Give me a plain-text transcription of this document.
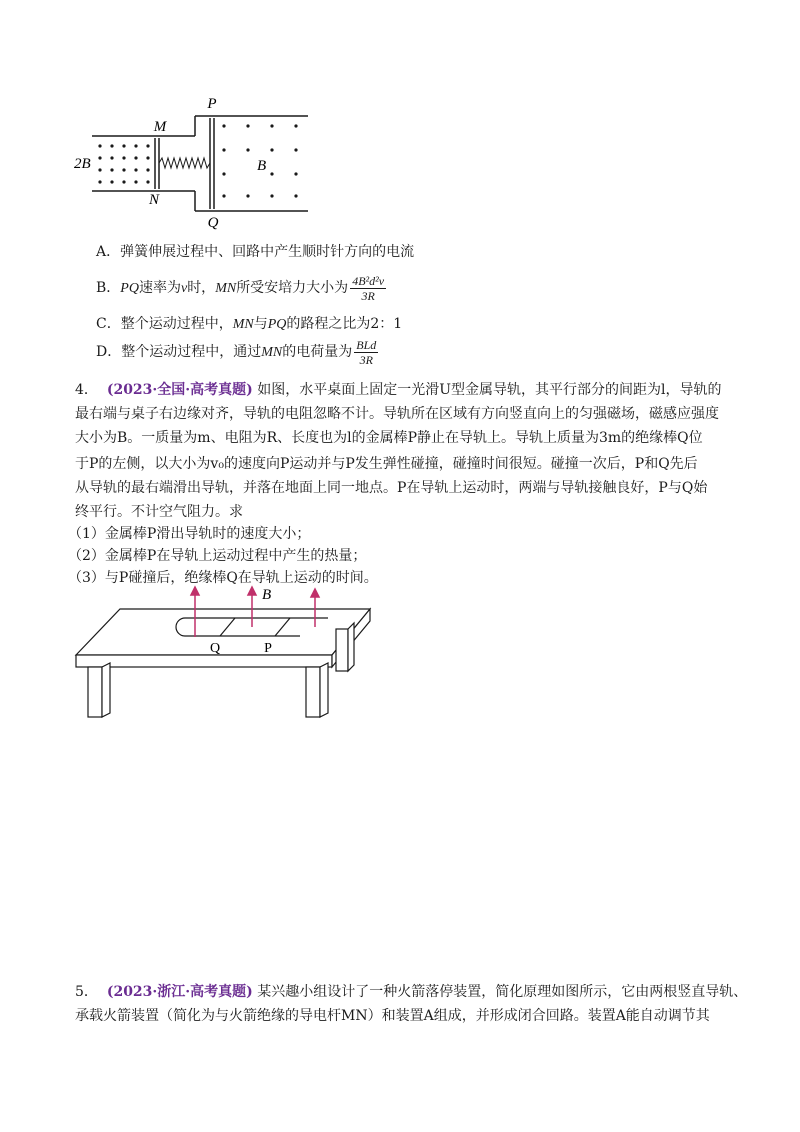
P
M
2B	B
N
Q
A．弹簧伸展过程中、回路中产生顺时针方向的电流
B．PQ速率为v时，MN所受安培力大小为 $\frac{\text{4B²d²v}}{3R}$
C．整个运动过程中，MN与PQ的路程之比为2：1
D．整个运动过程中，通过MN的电荷量为 $\frac{\text{BLd}}{3R}$
4． (2023·全国·高考真题) 如图，水平桌面上固定一光滑U型金属导轨，其平行部分的间距为l，导轨的
最右端与桌子右边缘对齐，导轨的电阻忽略不计。导轨所在区域有方向竖直向上的匀强磁场，磁感应强度
大小为B。一质量为m、电阻为R、长度也为l的金属棒P静止在导轨上。导轨上质量为3m的绝缘棒Q位
于P的左侧，以大小为v₀的速度向P运动并与P发生弹性碰撞，碰撞时间很短。碰撞一次后，P和Q先后
从导轨的最右端滑出导轨，并落在地面上同一地点。P在导轨上运动时，两端与导轨接触良好，P与Q始
终平行。不计空气阻力。求
（1）金属棒P滑出导轨时的速度大小；
（2）金属棒P在导轨上运动过程中产生的热量；
（3）与P碰撞后，绝缘棒Q在导轨上运动的时间。
B
Q	P
5． (2023·浙江·高考真题) 某兴趣小组设计了一种火箭落停装置，简化原理如图所示，它由两根竖直导轨、
承载火箭装置（简化为与火箭绝缘的导电杆MN）和装置A组成，并形成闭合回路。装置A能自动调节其
